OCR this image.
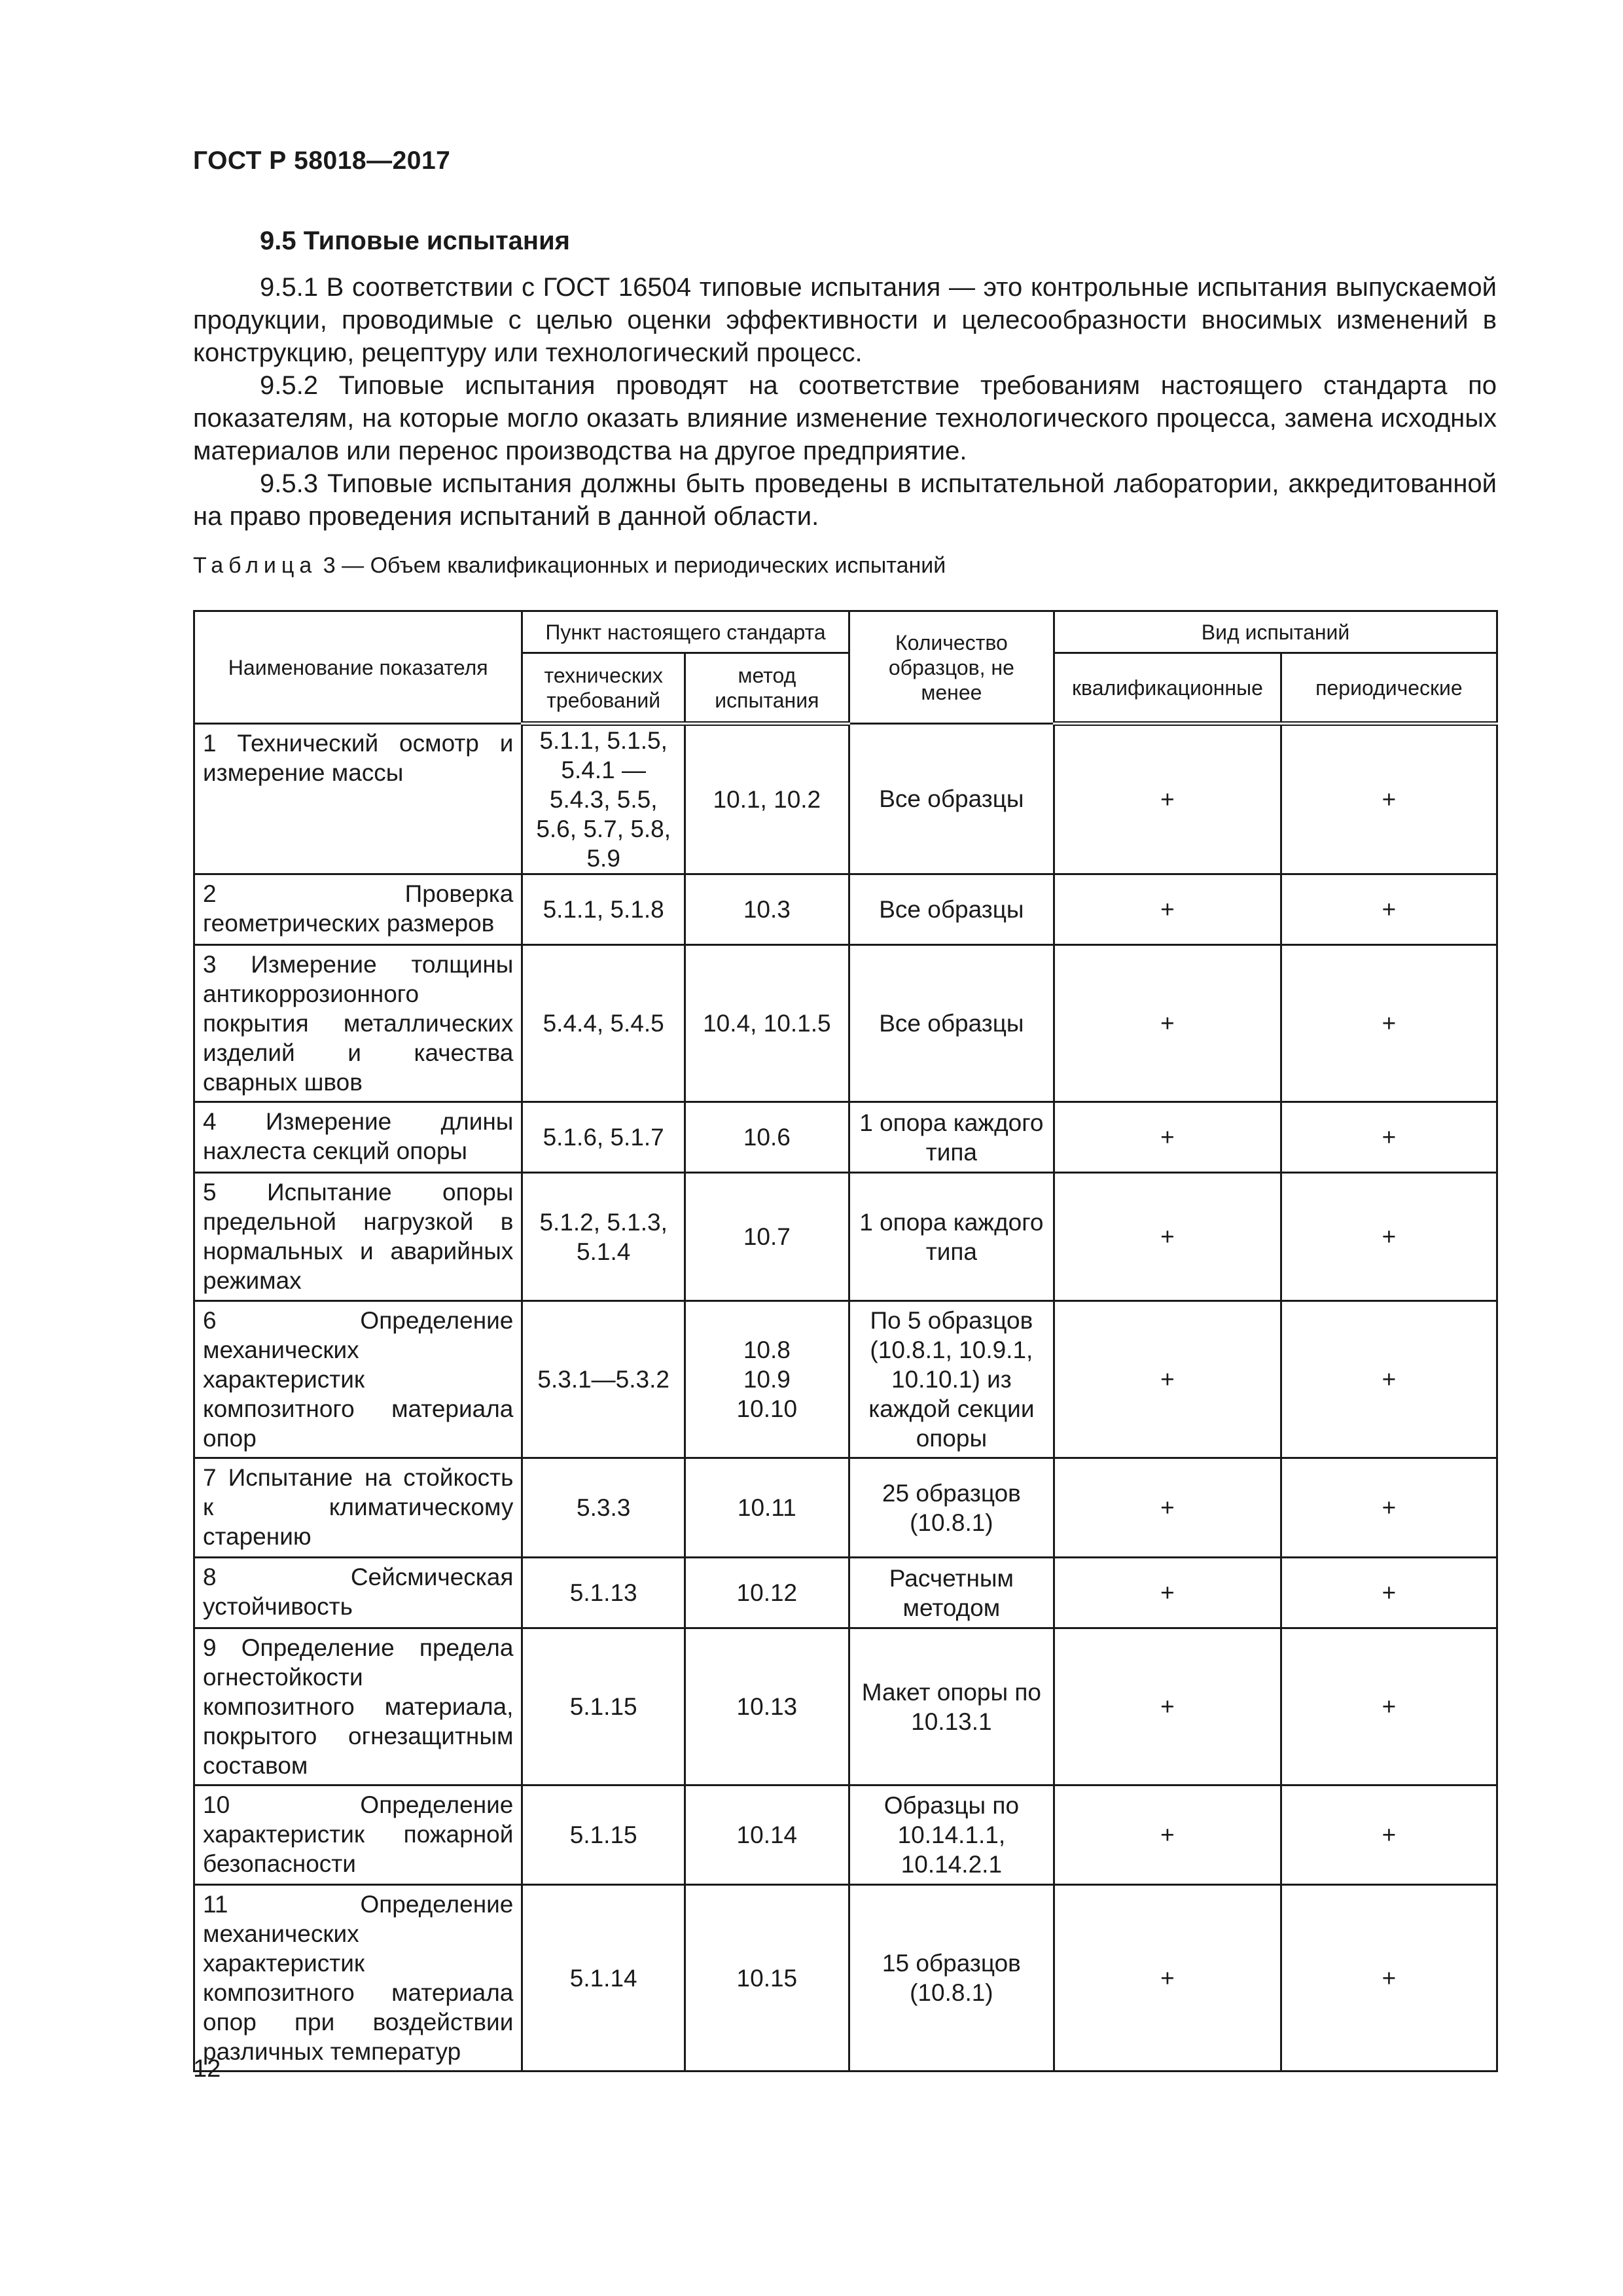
ГОСТ Р 58018—2017
9.5 Типовые испытания

9.5.1 В соответствии с ГОСТ 16504 типовые испытания — это контрольные испытания выпускаемой продукции, проводимые с целью оценки эффективности и целесообразности вносимых изменений в конструкцию, рецептуру или технологический процесс.

9.5.2 Типовые испытания проводят на соответствие требованиям настоящего стандарта по показателям, на которые могло оказать влияние изменение технологического процесса, замена исходных материалов или перенос производства на другое предприятие.

9.5.3 Типовые испытания должны быть проведены в испытательной лаборатории, аккредитованной на право проведения испытаний в данной области.

Таблица 3 — Объем квалификационных и периодических испытаний
Наименование показателя	Пункт настоящего стандарта		Количество образцов, не менее	Вид испытаний	
	технических требований	метод испытания		квалификационные	периодические
1 Технический осмотр и измерение массы	5.1.1, 5.1.5, 5.4.1 — 5.4.3, 5.5, 5.6, 5.7, 5.8, 5.9	10.1, 10.2	Все образцы	+	+
2 Проверка геометрических размеров	5.1.1, 5.1.8	10.3	Все образцы	+	+
3 Измерение толщины антикоррозионного покрытия металлических изделий и качества сварных швов	5.4.4, 5.4.5	10.4, 10.1.5	Все образцы	+	+
4 Измерение длины нахлеста секций опоры	5.1.6, 5.1.7	10.6	1 опора каждого типа	+	+
5 Испытание опоры предельной нагрузкой в нормальных и аварийных режимах	5.1.2, 5.1.3, 5.1.4	10.7	1 опора каждого типа	+	+
6 Определение механических характеристик композитного материала опор	5.3.1—5.3.2	10.8
10.9
10.10	По 5 образцов (10.8.1, 10.9.1, 10.10.1) из каждой секции опоры	+	+
7 Испытание на стойкость к климатическому старению	5.3.3	10.11	25 образцов (10.8.1)	+	+
8 Сейсмическая устойчивость	5.1.13	10.12	Расчетным методом	+	+
9 Определение предела огнестойкости композитного материала, покрытого огнезащитным составом	5.1.15	10.13	Макет опоры по 10.13.1	+	+
10 Определение характеристик пожарной безопасности	5.1.15	10.14	Образцы по 10.14.1.1, 10.14.2.1	+	+
11 Определение механических характеристик композитного материала опор при воздействии различных температур	5.1.14	10.15	15 образцов (10.8.1)	+	+
12
